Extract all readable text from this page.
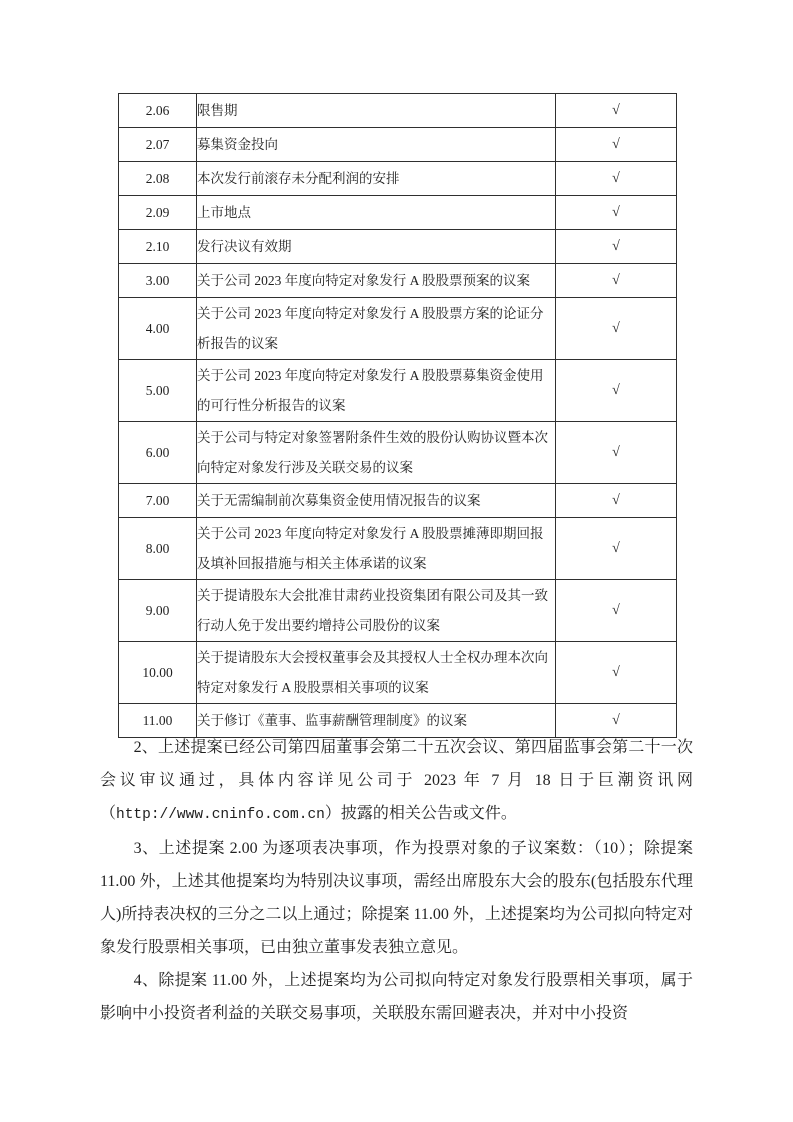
2.06	限售期	√
2.07	募集资金投向	√
2.08	本次发行前滚存未分配利润的安排	√
2.09	上市地点	√
2.10	发行决议有效期	√
3.00	关于公司 2023 年度向特定对象发行 A 股股票预案的议案	√
4.00	关于公司 2023 年度向特定对象发行 A 股股票方案的论证分析报告的议案	√
5.00	关于公司 2023 年度向特定对象发行 A 股股票募集资金使用的可行性分析报告的议案	√
6.00	关于公司与特定对象签署附条件生效的股份认购协议暨本次向特定对象发行涉及关联交易的议案	√
7.00	关于无需编制前次募集资金使用情况报告的议案	√
8.00	关于公司 2023 年度向特定对象发行 A 股股票摊薄即期回报及填补回报措施与相关主体承诺的议案	√
9.00	关于提请股东大会批准甘肃药业投资集团有限公司及其一致行动人免于发出要约增持公司股份的议案	√
10.00	关于提请股东大会授权董事会及其授权人士全权办理本次向特定对象发行 A 股股票相关事项的议案	√
11.00	关于修订《董事、监事薪酬管理制度》的议案	√

2、上述提案已经公司第四届董事会第二十五次会议、第四届监事会第二十一次会议审议通过，具体内容详见公司于 2023 年 7 月 18 日于巨潮资讯网（http://www.cninfo.com.cn）披露的相关公告或文件。

3、上述提案 2.00 为逐项表决事项，作为投票对象的子议案数：（10）；除提案 11.00 外，上述其他提案均为特别决议事项，需经出席股东大会的股东(包括股东代理人)所持表决权的三分之二以上通过；除提案 11.00 外，上述提案均为公司拟向特定对象发行股票相关事项，已由独立董事发表独立意见。

4、除提案 11.00 外，上述提案均为公司拟向特定对象发行股票相关事项，属于影响中小投资者利益的关联交易事项，关联股东需回避表决，并对中小投资
